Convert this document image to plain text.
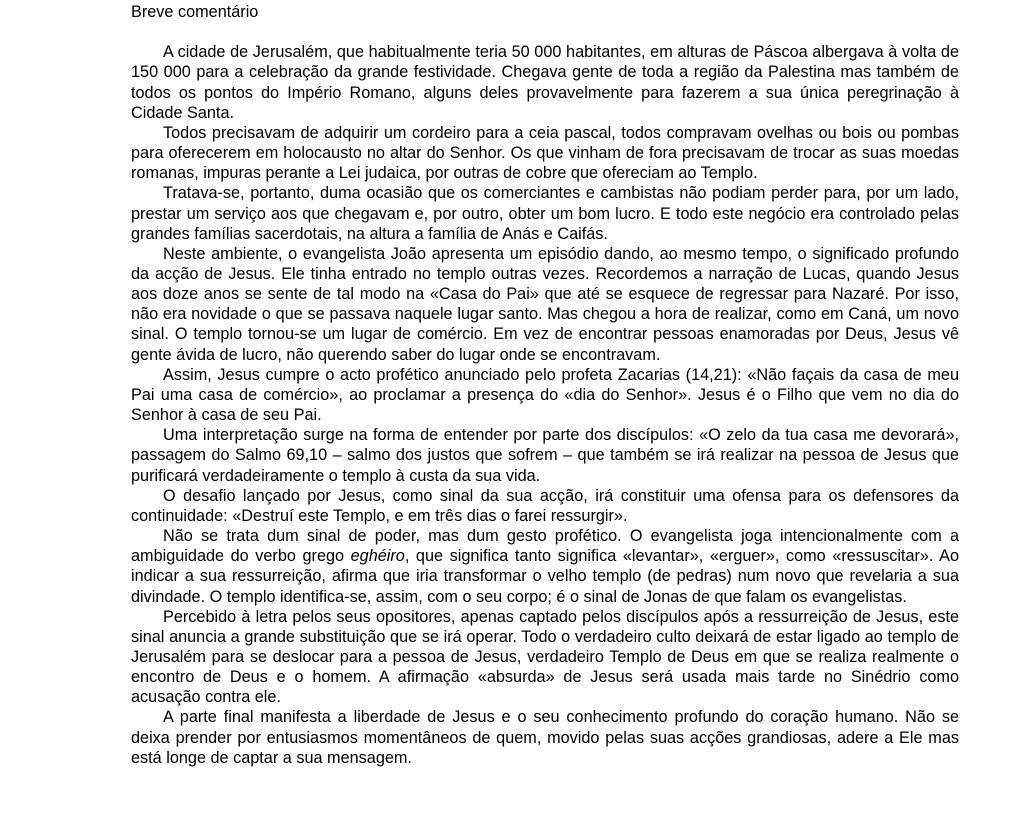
Breve comentário

A cidade de Jerusalém, que habitualmente teria 50 000 habitantes, em alturas de Páscoa albergava à volta de 150 000 para a celebração da grande festividade. Chegava gente de toda a região da Palestina mas também de todos os pontos do Império Romano, alguns deles provavelmente para fazerem a sua única peregrinação à Cidade Santa.

Todos precisavam de adquirir um cordeiro para a ceia pascal, todos compravam ovelhas ou bois ou pombas para oferecerem em holocausto no altar do Senhor. Os que vinham de fora precisavam de trocar as suas moedas romanas, impuras perante a Lei judaica, por outras de cobre que ofereciam ao Templo.

Tratava-se, portanto, duma ocasião que os comerciantes e cambistas não podiam perder para, por um lado, prestar um serviço aos que chegavam e, por outro, obter um bom lucro. E todo este negócio era controlado pelas grandes famílias sacerdotais, na altura a família de Anás e Caifás.

Neste ambiente, o evangelista João apresenta um episódio dando, ao mesmo tempo, o significado profundo da acção de Jesus. Ele tinha entrado no templo outras vezes. Recordemos a narração de Lucas, quando Jesus aos doze anos se sente de tal modo na «Casa do Pai» que até se esquece de regressar para Nazaré. Por isso, não era novidade o que se passava naquele lugar santo. Mas chegou a hora de realizar, como em Caná, um novo sinal. O templo tornou-se um lugar de comércio. Em vez de encontrar pessoas enamoradas por Deus, Jesus vê gente ávida de lucro, não querendo saber do lugar onde se encontravam.

Assim, Jesus cumpre o acto profético anunciado pelo profeta Zacarias (14,21): «Não façais da casa de meu Pai uma casa de comércio», ao proclamar a presença do «dia do Senhor». Jesus é o Filho que vem no dia do Senhor à casa de seu Pai.

Uma interpretação surge na forma de entender por parte dos discípulos: «O zelo da tua casa me devorará», passagem do Salmo 69,10 – salmo dos justos que sofrem – que também se irá realizar na pessoa de Jesus que purificará verdadeiramente o templo à custa da sua vida.

O desafio lançado por Jesus, como sinal da sua acção, irá constituir uma ofensa para os defensores da continuidade: «Destruí este Templo, e em três dias o farei ressurgir».

Não se trata dum sinal de poder, mas dum gesto profético. O evangelista joga intencionalmente com a ambiguidade do verbo grego eghéiro, que significa tanto significa «levantar», «erguer», como «ressuscitar». Ao indicar a sua ressurreição, afirma que iria transformar o velho templo (de pedras) num novo que revelaria a sua divindade. O templo identifica-se, assim, com o seu corpo; é o sinal de Jonas de que falam os evangelistas.

Percebido à letra pelos seus opositores, apenas captado pelos discípulos após a ressurreição de Jesus, este sinal anuncia a grande substituição que se irá operar. Todo o verdadeiro culto deixará de estar ligado ao templo de Jerusalém para se deslocar para a pessoa de Jesus, verdadeiro Templo de Deus em que se realiza realmente o encontro de Deus e o homem. A afirmação «absurda» de Jesus será usada mais tarde no Sinédrio como acusação contra ele.

A parte final manifesta a liberdade de Jesus e o seu conhecimento profundo do coração humano. Não se deixa prender por entusiasmos momentâneos de quem, movido pelas suas acções grandiosas, adere a Ele mas está longe de captar a sua mensagem.
